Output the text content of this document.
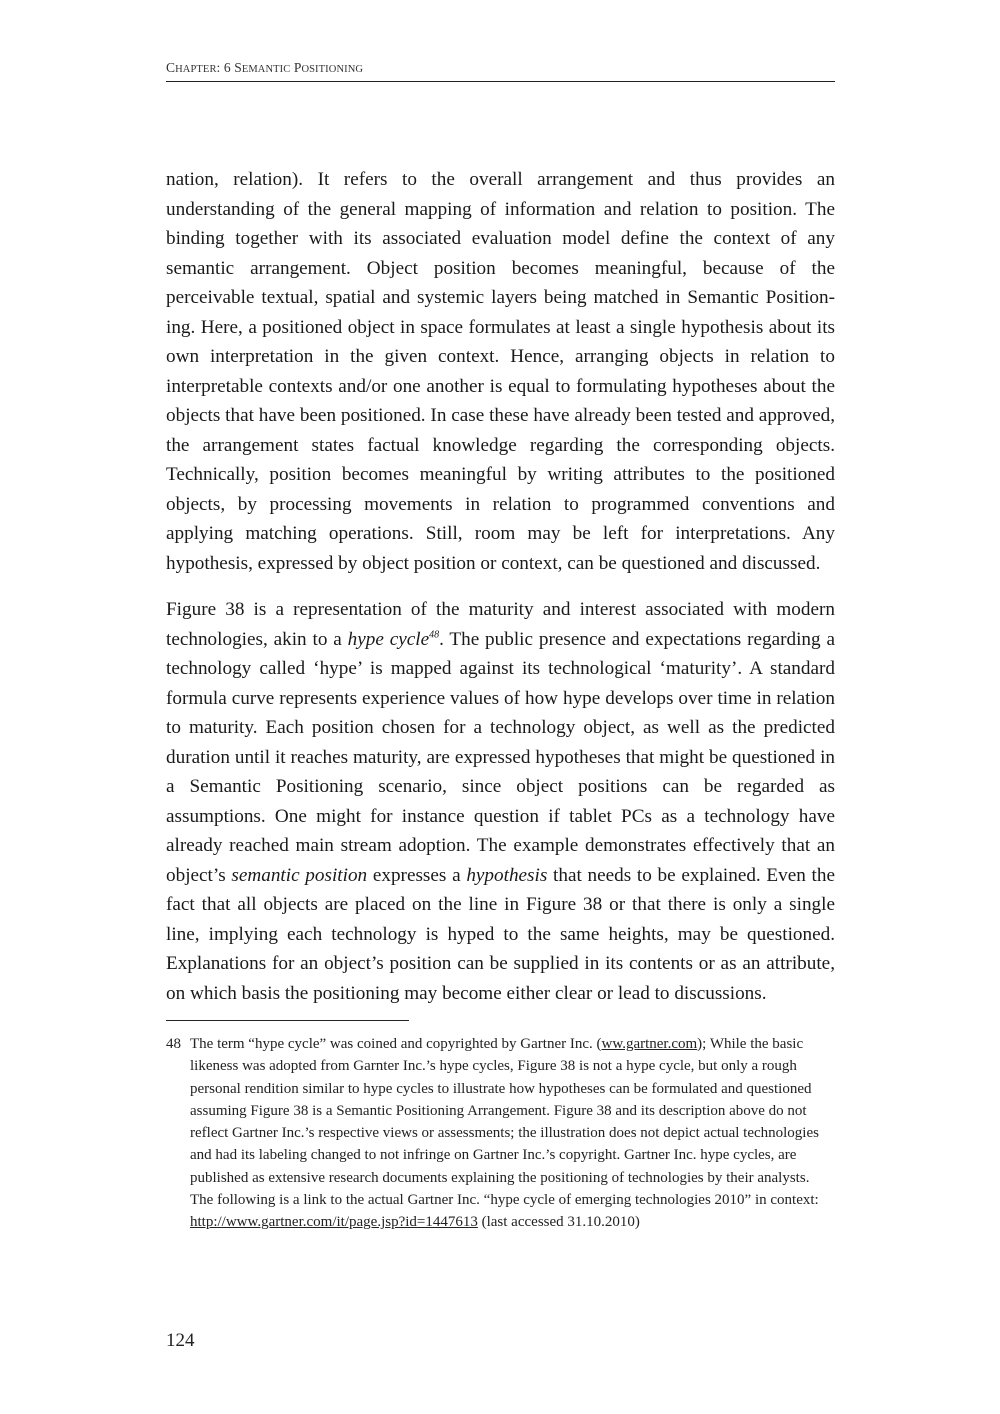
CHAPTER: 6 SEMANTIC POSITIONING

nation, relation). It refers to the overall arrangement and thus provides an understanding of the general mapping of information and relation to position. The binding together with its associated evaluation model define the context of any semantic arrangement. Object position becomes meaningful, because of the perceivable textual, spatial and systemic layers being matched in Semantic Positioning. Here, a positioned object in space formulates at least a single hypothesis about its own interpretation in the given context. Hence, arranging objects in relation to interpretable contexts and/or one another is equal to formulating hypotheses about the objects that have been positioned. In case these have already been tested and approved, the arrangement states factual knowledge regarding the corresponding objects. Technically, position becomes meaningful by writing attributes to the positioned objects, by processing movements in relation to programmed conventions and applying matching operations. Still, room may be left for interpretations. Any hypothesis, expressed by object position or context, can be questioned and discussed.

Figure 38 is a representation of the maturity and interest associated with modern technologies, akin to a hype cycle$^{48}$. The public presence and expectations regarding a technology called ‘hype’ is mapped against its technological ‘maturity’. A standard formula curve represents experience values of how hype develops over time in relation to maturity. Each position chosen for a technology object, as well as the predicted duration until it reaches maturity, are expressed hypotheses that might be questioned in a Semantic Positioning scenario, since object positions can be regarded as assumptions. One might for instance question if tablet PCs as a technology have already reached main stream adoption. The example demonstrates effectively that an object’s semantic position expresses a hypothesis that needs to be explained. Even the fact that all objects are placed on the line in Figure 38 or that there is only a single line, implying each technology is hyped to the same heights, may be questioned. Explanations for an object’s position can be supplied in its contents or as an attribute, on which basis the positioning may become either clear or lead to discussions.

48 The term “hype cycle” was coined and copyrighted by Gartner Inc. (ww.gartner.com); While the basic likeness was adopted from Garnter Inc.’s hype cycles, Figure 38 is not a hype cycle, but only a rough personal rendition similar to hype cycles to illustrate how hypotheses can be formulated and questioned assuming Figure 38 is a Semantic Positioning Arrangement. Figure 38 and its description above do not reflect Gartner Inc.’s respective views or assessments; the illustration does not depict actual technologies and had its labeling changed to not infringe on Gartner Inc.’s copyright. Gartner Inc. hype cycles, are published as extensive research documents explaining the positioning of technologies by their analysts. The following is a link to the actual Gartner Inc. “hype cycle of emerging technologies 2010” in context:
http://www.gartner.com/it/page.jsp?id=1447613 (last accessed 31.10.2010)
124
